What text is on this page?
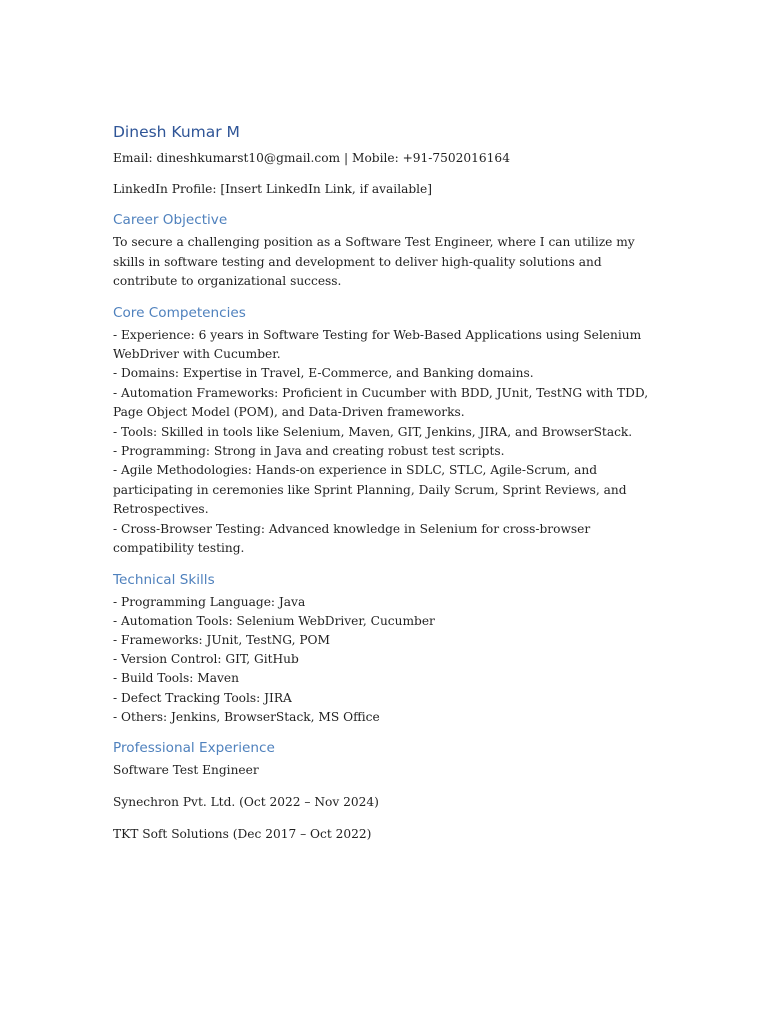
Dinesh Kumar M

Email: dineshkumarst10@gmail.com | Mobile: +91-7502016164

LinkedIn Profile: [Insert LinkedIn Link, if available]

Career Objective

To secure a challenging position as a Software Test Engineer, where I can utilize my skills in software testing and development to deliver high-quality solutions and contribute to organizational success.

Core Competencies

- Experience: 6 years in Software Testing for Web-Based Applications using Selenium WebDriver with Cucumber.

- Domains: Expertise in Travel, E-Commerce, and Banking domains.

- Automation Frameworks: Proficient in Cucumber with BDD, JUnit, TestNG with TDD, Page Object Model (POM), and Data-Driven frameworks.

- Tools: Skilled in tools like Selenium, Maven, GIT, Jenkins, JIRA, and BrowserStack.

- Programming: Strong in Java and creating robust test scripts.

- Agile Methodologies: Hands-on experience in SDLC, STLC, Agile-Scrum, and participating in ceremonies like Sprint Planning, Daily Scrum, Sprint Reviews, and Retrospectives.

- Cross-Browser Testing: Advanced knowledge in Selenium for cross-browser compatibility testing.

Technical Skills

- Programming Language: Java

- Automation Tools: Selenium WebDriver, Cucumber

- Frameworks: JUnit, TestNG, POM

- Version Control: GIT, GitHub

- Build Tools: Maven

- Defect Tracking Tools: JIRA

- Others: Jenkins, BrowserStack, MS Office

Professional Experience

Software Test Engineer

Synechron Pvt. Ltd. (Oct 2022 – Nov 2024)

TKT Soft Solutions (Dec 2017 – Oct 2022)
